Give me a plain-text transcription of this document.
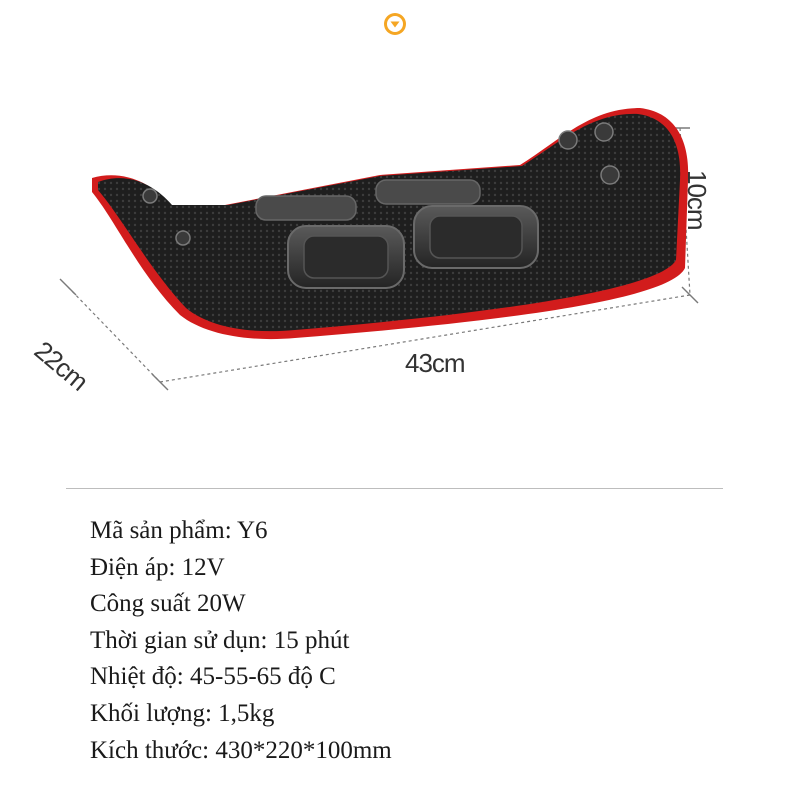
43cm
22cm
10cm
Mã sản phẩm: Y6
Điện áp: 12V
Công suất 20W
Thời gian sử dụn: 15 phút
Nhiệt độ: 45-55-65 độ C
Khối lượng: 1,5kg
Kích thước: 430*220*100mm
